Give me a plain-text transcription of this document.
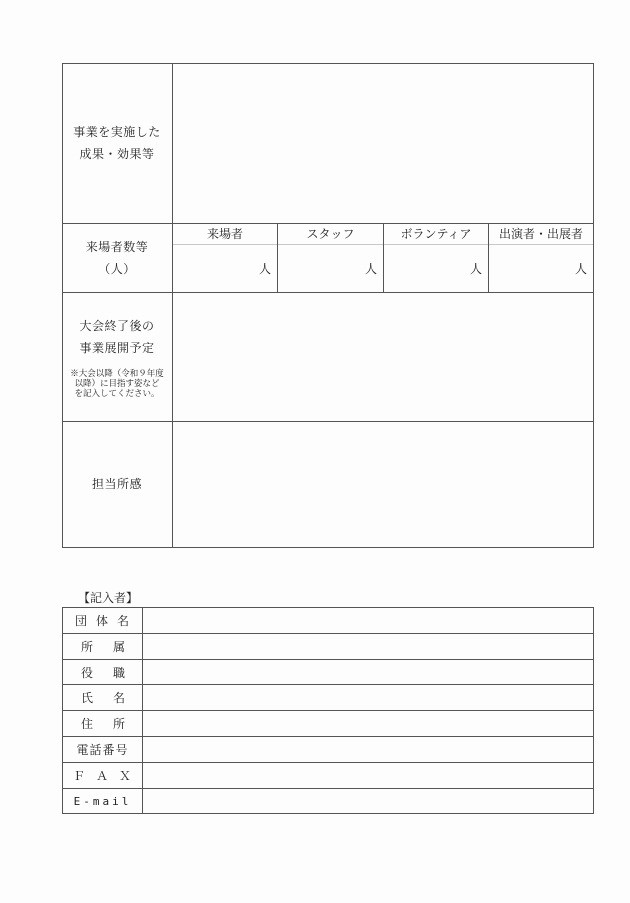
事業を実施した
成果・効果等
来場者数等
（人）
来場者	スタッフ	ボランティア	出演者・出展者
人	人	人	人
大会終了後の
事業展開予定
※大会以降（令和９年度
以降）に目指す姿など
を記入してください。
担当所感
【記入者】
団 体 名
所 属
役 職
氏 名
住 所
電話番号
Ｆ Ａ Ｘ
E-mail
